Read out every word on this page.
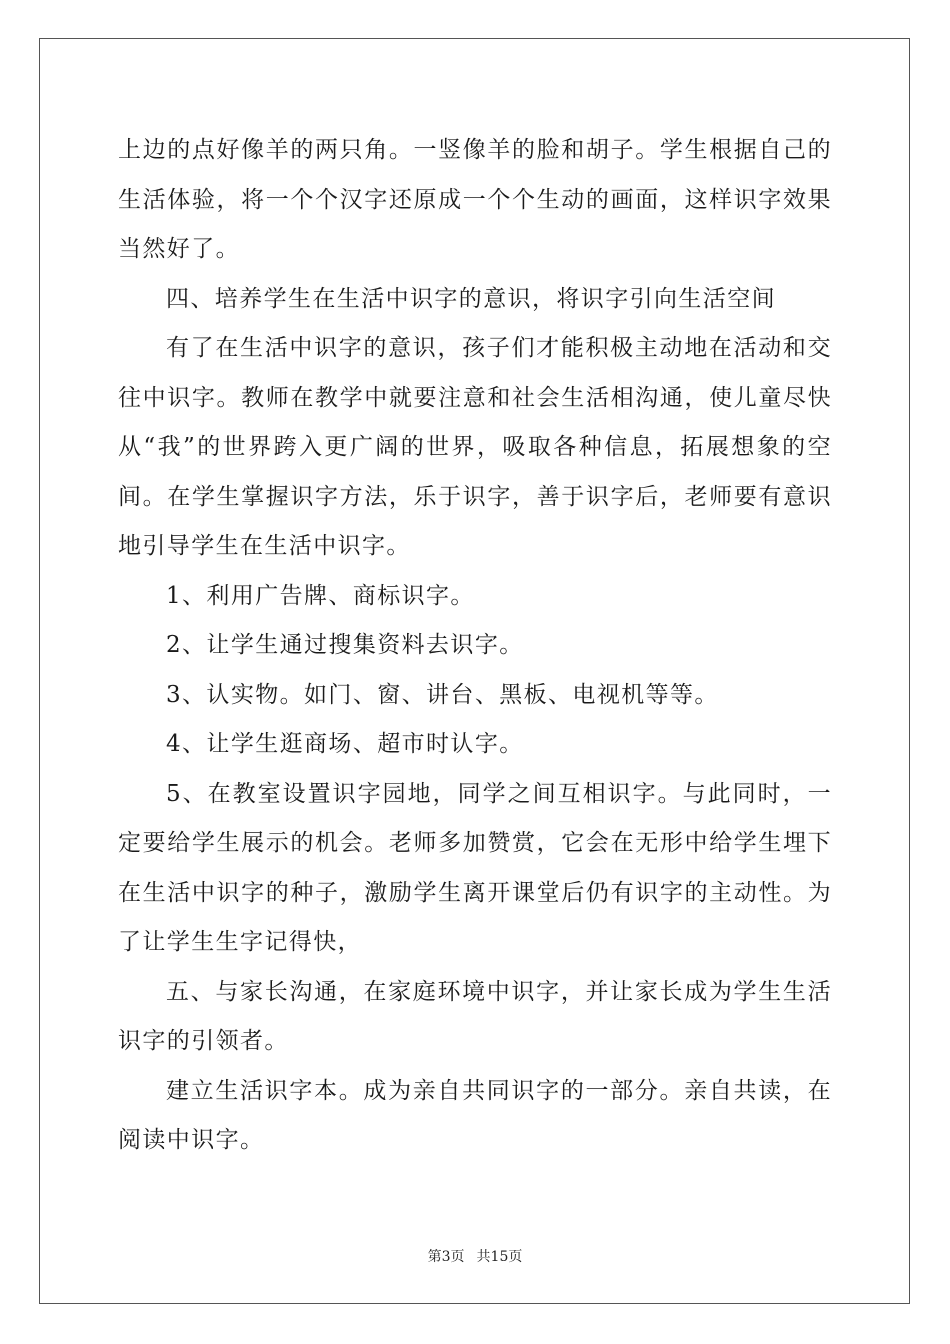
上边的点好像羊的两只角。一竖像羊的脸和胡子。学生根据自己的生活体验，将一个个汉字还原成一个个生动的画面，这样识字效果当然好了。

四、培养学生在生活中识字的意识，将识字引向生活空间

有了在生活中识字的意识，孩子们才能积极主动地在活动和交往中识字。教师在教学中就要注意和社会生活相沟通，使儿童尽快从“我”的世界跨入更广阔的世界，吸取各种信息，拓展想象的空间。在学生掌握识字方法，乐于识字，善于识字后，老师要有意识地引导学生在生活中识字。

1、利用广告牌、商标识字。

2、让学生通过搜集资料去识字。

3、认实物。如门、窗、讲台、黑板、电视机等等。

4、让学生逛商场、超市时认字。

5、在教室设置识字园地，同学之间互相识字。与此同时，一定要给学生展示的机会。老师多加赞赏，它会在无形中给学生埋下在生活中识字的种子，激励学生离开课堂后仍有识字的主动性。为了让学生生字记得快，

五、与家长沟通，在家庭环境中识字，并让家长成为学生生活识字的引领者。

建立生活识字本。成为亲自共同识字的一部分。亲自共读，在阅读中识字。

第3页 共15页
